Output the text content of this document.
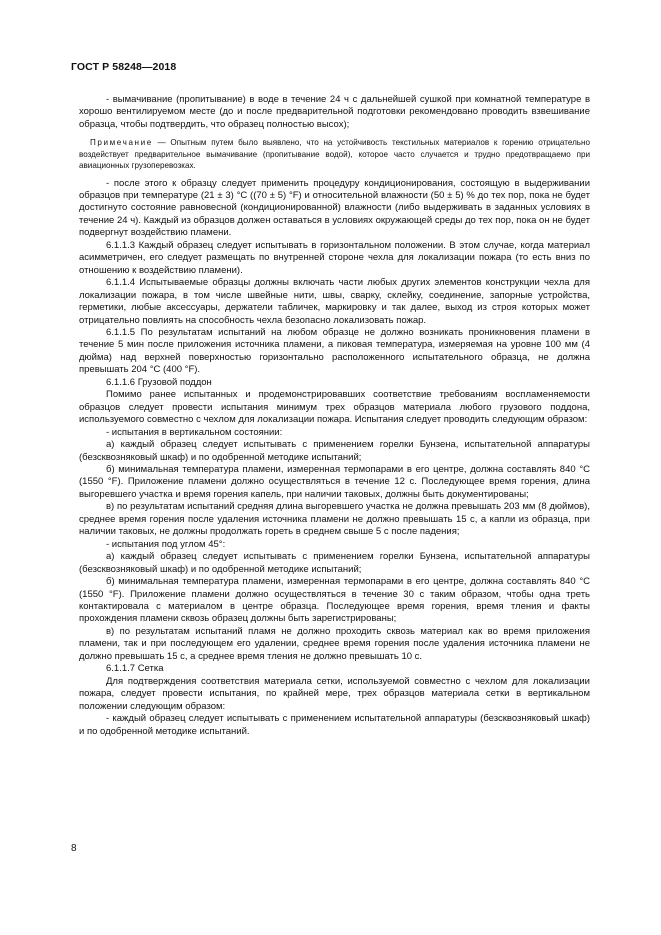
ГОСТ Р 58248—2018

- вымачивание (пропитывание) в воде в течение 24 ч с дальнейшей сушкой при комнатной температуре в хорошо вентилируемом месте (до и после предварительной подготовки рекомендовано проводить взвешивание образца, чтобы подтвердить, что образец полностью высох);

Примечание — Опытным путем было выявлено, что на устойчивость текстильных материалов к горению отрицательно воздействует предварительное вымачивание (пропитывание водой), которое часто случается и трудно предотвращаемо при авиационных грузоперевозках.

- после этого к образцу следует применить процедуру кондиционирования, состоящую в выдерживании образцов при температуре (21 ± 3) °С ((70 ± 5) °F) и относительной влажности (50 ± 5) % до тех пор, пока не будет достигнуто состояние равновесной (кондиционированной) влажности (либо выдерживать в заданных условиях в течение 24 ч). Каждый из образцов должен оставаться в условиях окружающей среды до тех пор, пока он не будет подвергнут воздействию пламени.

6.1.1.3 Каждый образец следует испытывать в горизонтальном положении. В этом случае, когда материал асимметричен, его следует размещать по внутренней стороне чехла для локализации пожара (то есть вниз по отношению к воздействию пламени).

6.1.1.4 Испытываемые образцы должны включать части любых других элементов конструкции чехла для локализации пожара, в том числе швейные нити, швы, сварку, склейку, соединение, запорные устройства, герметики, любые аксессуары, держатели табличек, маркировку и так далее, выход из строя которых может отрицательно повлиять на способность чехла безопасно локализовать пожар.

6.1.1.5 По результатам испытаний на любом образце не должно возникать проникновения пламени в течение 5 мин после приложения источника пламени, а пиковая температура, измеряемая на уровне 100 мм (4 дюйма) над верхней поверхностью горизонтально расположенного испытательного образца, не должна превышать 204 °С (400 °F).

6.1.1.6 Грузовой поддон

Помимо ранее испытанных и продемонстрировавших соответствие требованиям воспламеняемости образцов следует провести испытания минимум трех образцов материала любого грузового поддона, используемого совместно с чехлом для локализации пожара. Испытания следует проводить следующим образом:

- испытания в вертикальном состоянии:

а) каждый образец следует испытывать с применением горелки Бунзена, испытательной аппаратуры (безсквозняковый шкаф) и по одобренной методике испытаний;

б) минимальная температура пламени, измеренная термопарами в его центре, должна составлять 840 °С (1550 °F). Приложение пламени должно осуществляться в течение 12 с. Последующее время горения, длина выгоревшего участка и время горения капель, при наличии таковых, должны быть документированы;

в) по результатам испытаний средняя длина выгоревшего участка не должна превышать 203 мм (8 дюймов), среднее время горения после удаления источника пламени не должно превышать 15 с, а капли из образца, при наличии таковых, не должны продолжать гореть в среднем свыше 5 с после падения;

- испытания под углом 45°:

а) каждый образец следует испытывать с применением горелки Бунзена, испытательной аппаратуры (безсквозняковый шкаф) и по одобренной методике испытаний;

б) минимальная температура пламени, измеренная термопарами в его центре, должна составлять 840 °С (1550 °F). Приложение пламени должно осуществляться в течение 30 с таким образом, чтобы одна треть контактировала с материалом в центре образца. Последующее время горения, время тления и факты прохождения пламени сквозь образец должны быть зарегистрированы;

в) по результатам испытаний пламя не должно проходить сквозь материал как во время приложения пламени, так и при последующем его удалении, среднее время горения после удаления источника пламени не должно превышать 15 с, а среднее время тления не должно превышать 10 с.

6.1.1.7 Сетка

Для подтверждения соответствия материала сетки, используемой совместно с чехлом для локализации пожара, следует провести испытания, по крайней мере, трех образцов материала сетки в вертикальном положении следующим образом:

- каждый образец следует испытывать с применением испытательной аппаратуры (безсквозняковый шкаф) и по одобренной методике испытаний.

8
